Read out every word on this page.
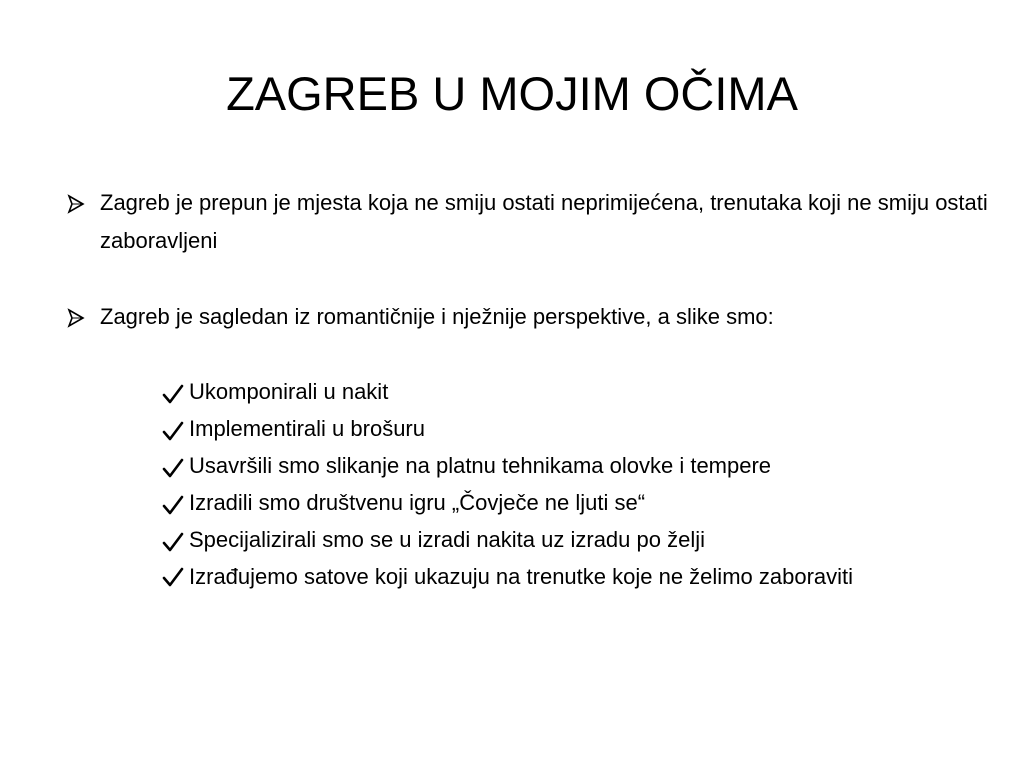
ZAGREB U MOJIM OČIMA
Zagreb je prepun je mjesta koja ne smiju ostati neprimijećena, trenutaka koji ne smiju ostati zaboravljeni
Zagreb je sagledan iz romantičnije i nježnije perspektive, a slike smo:
Ukomponirali u nakit
Implementirali u brošuru
Usavršili smo slikanje na platnu tehnikama olovke i tempere
Izradili smo društvenu igru „Čovječe ne ljuti se“
Specijalizirali smo se u izradi nakita uz izradu po želji
Izrađujemo satove koji ukazuju na trenutke koje ne želimo zaboraviti
